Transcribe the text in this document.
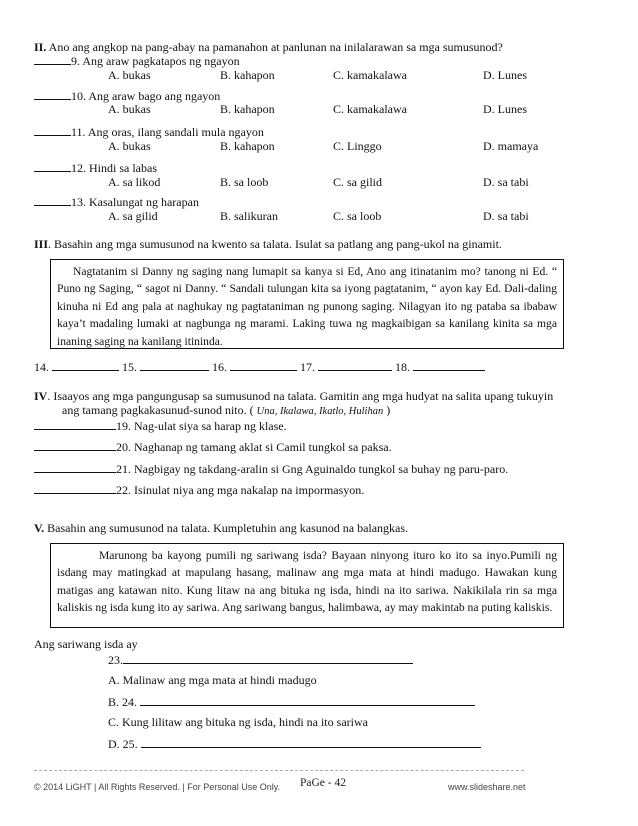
II. Ano ang angkop na pang-abay na pamanahon at panlunan na inilalarawan sa mga sumusunod?
9. Ang araw pagkatapos ng ngayon
A. bukas	B. kahapon	C. kamakalawa	D. Lunes
10. Ang araw bago ang ngayon
A. bukas	B. kahapon	C. kamakalawa	D. Lunes
11. Ang oras, ilang sandali mula ngayon
A. bukas	B. kahapon	C. Linggo	D. mamaya
12. Hindi sa labas
A. sa likod	B. sa loob	C. sa gilid	D. sa tabi
13. Kasalungat ng harapan
A. sa gilid	B. salikuran	C. sa loob	D. sa tabi
III. Basahin ang mga sumusunod na kwento sa talata. Isulat sa patlang ang pang-ukol na ginamit.

Nagtatanim si Danny ng saging nang lumapit sa kanya si Ed, Ano ang itinatanim mo? tanong ni Ed. “ Puno ng Saging, “ sagot ni Danny. “ Sandali tulungan kita sa iyong pagtatanim, “ ayon kay Ed. Dali-daling kinuha ni Ed ang pala at naghukay ng pagtataniman ng punong saging. Nilagyan ito ng pataba sa ibabaw kaya’t madaling lumaki at nagbunga ng marami. Laking tuwa ng magkaibigan sa kanilang kinita sa mga inaning saging na kanilang itininda.

14.	15.	16.	17.	18.
IV. Isaayos ang mga pangungusap sa sumusunod na talata. Gamitin ang mga hudyat na salita upang tukuyin
ang tamang pagkakasunud-sunod nito. ( Una, Ikalawa, Ikatlo, Hulihan )
19. Nag-ulat siya sa harap ng klase.
20. Naghanap ng tamang aklat si Camil tungkol sa paksa.
21. Nagbigay ng takdang-aralin si Gng Aguinaldo tungkol sa buhay ng paru-paro.
22. Isinulat niya ang mga nakalap na impormasyon.
V. Basahin ang sumusunod na talata. Kumpletuhin ang kasunod na balangkas.

Marunong ba kayong pumili ng sariwang isda? Bayaan ninyong ituro ko ito sa inyo.Pumili ng isdang may matingkad at mapulang hasang, malinaw ang mga mata at hindi madugo. Hawakan kung matigas ang katawan nito. Kung litaw na ang bituka ng isda, hindi na ito sariwa. Nakikilala rin sa mga kaliskis ng isda kung ito ay sariwa. Ang sariwang bangus, halimbawa, ay may makintab na puting kaliskis.

Ang sariwang isda ay
23.
A. Malinaw ang mga mata at hindi madugo
B. 24.
C. Kung lilitaw ang bituka ng isda, hindi na ito sariwa
D. 25.
© 2014 LiGHT | All Rights Reserved. | For Personal Use Only. PaGe - 42	www.slideshare.net
